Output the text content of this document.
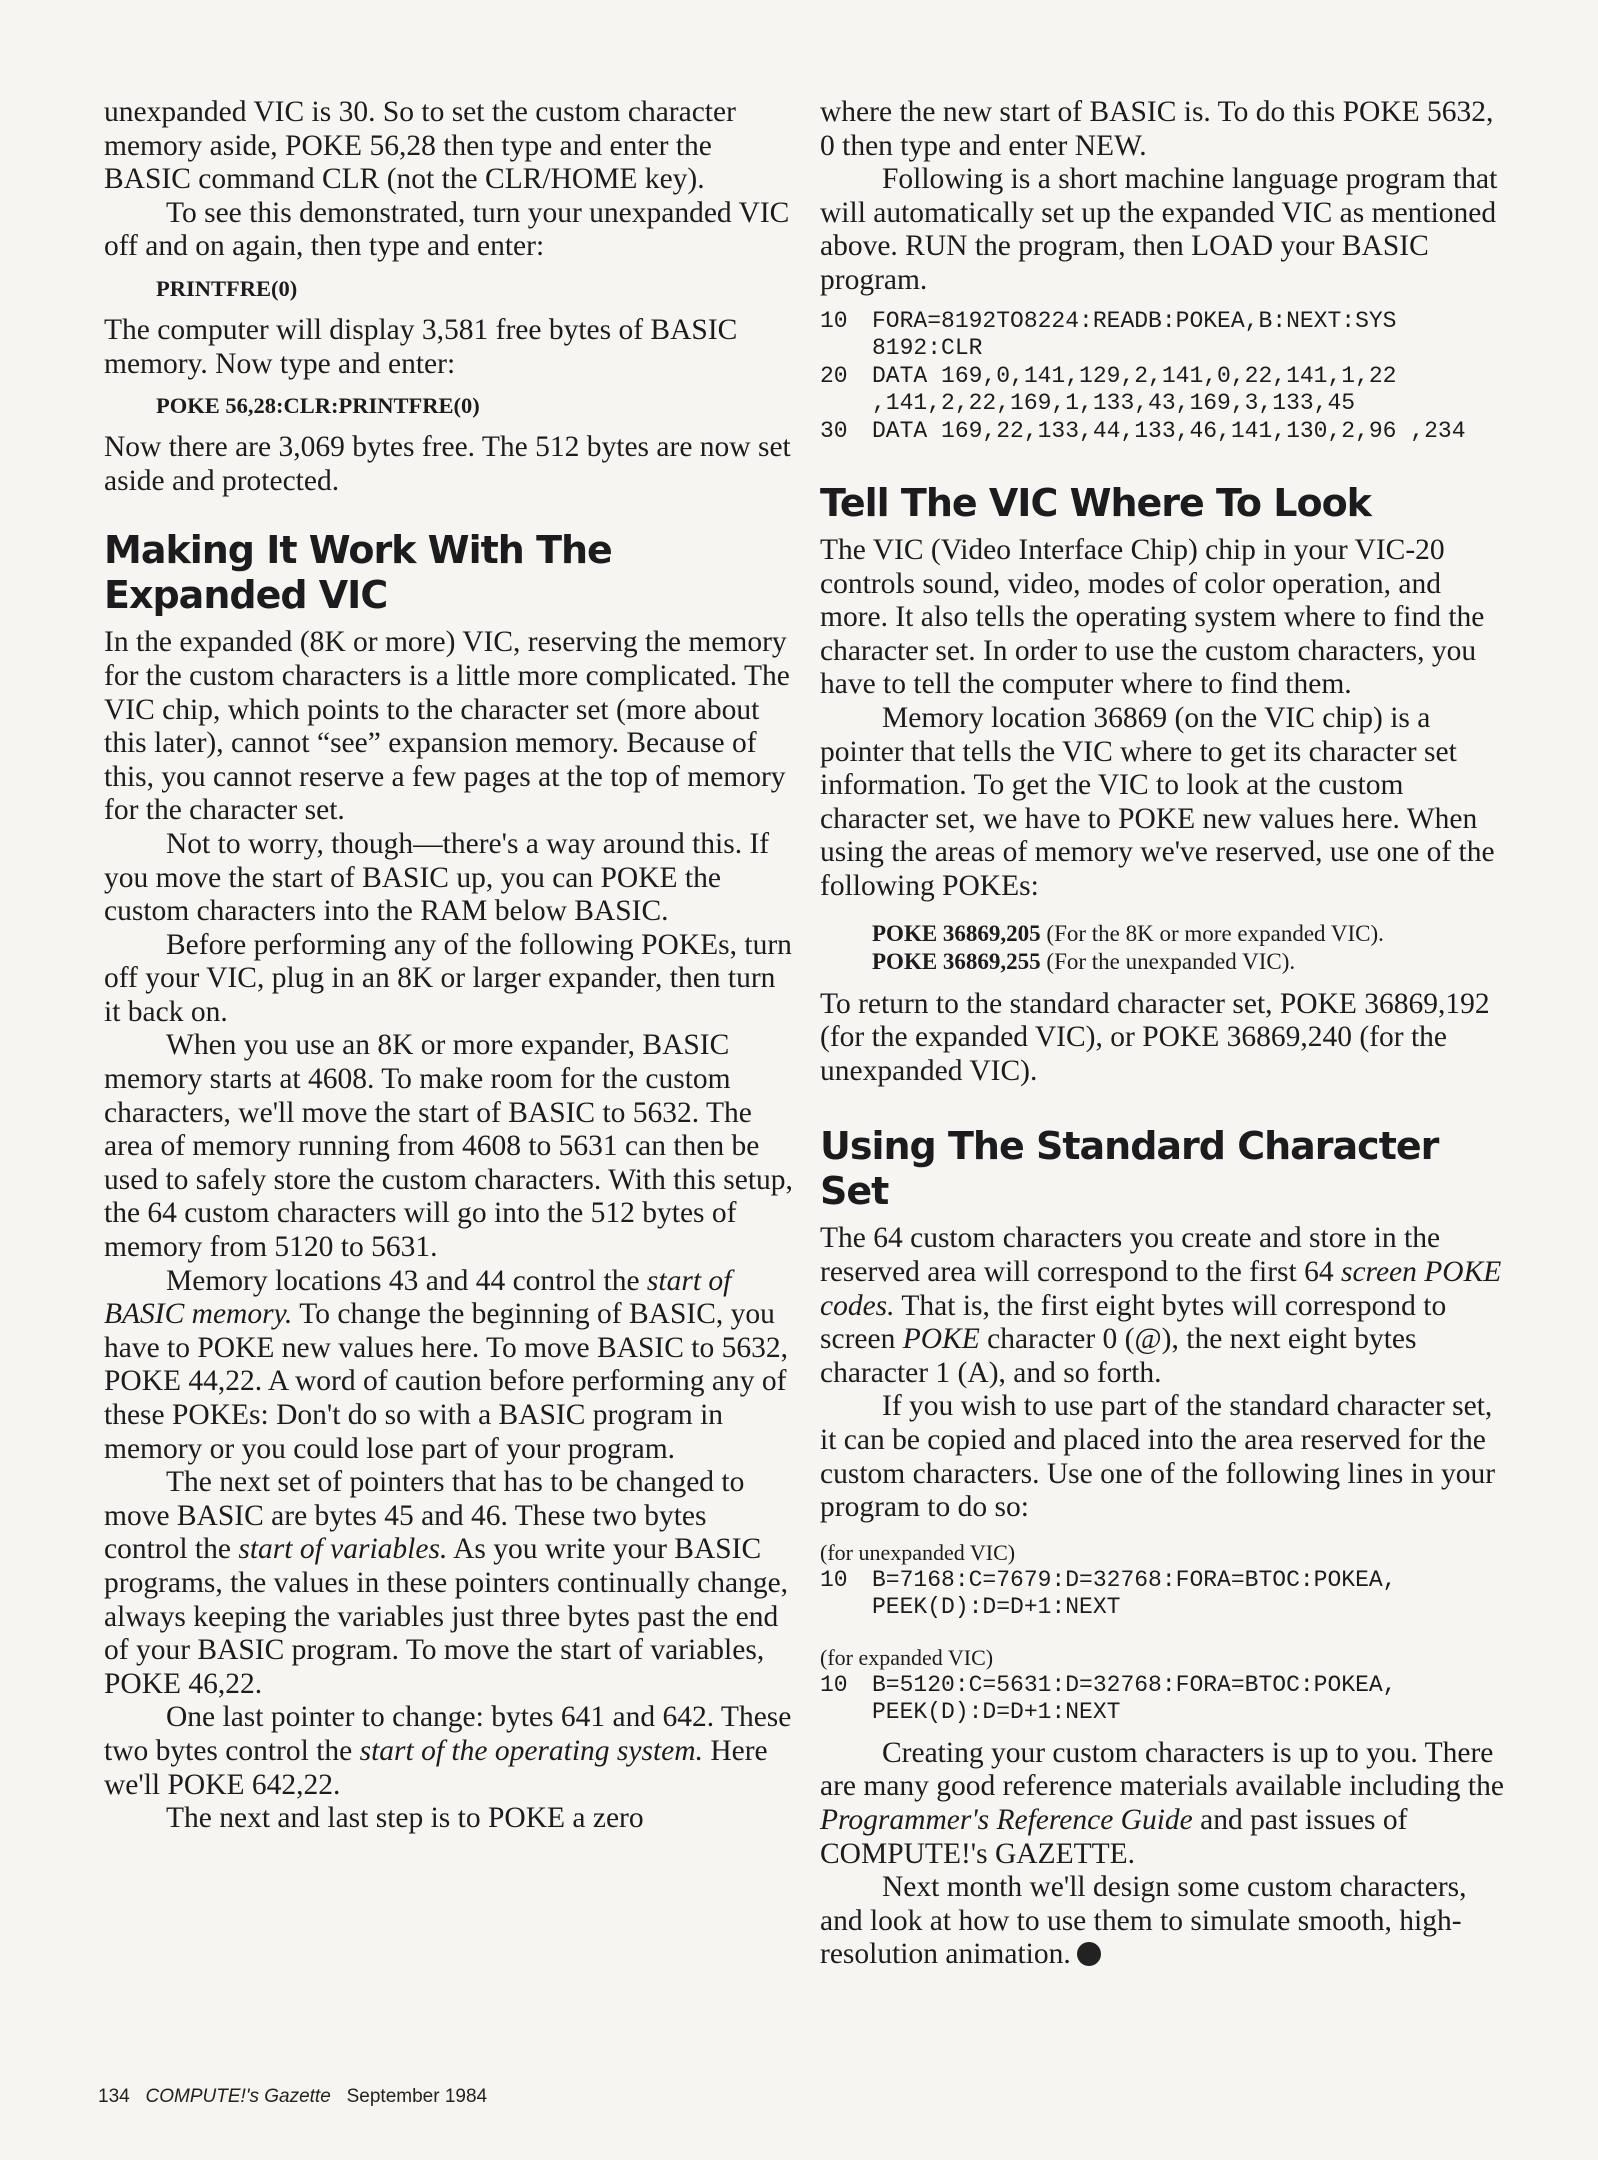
unexpanded VIC is 30. So to set the custom character memory aside, POKE 56,28 then type and enter the BASIC command CLR (not the CLR/HOME key).

To see this demonstrated, turn your unexpanded VIC off and on again, then type and enter:

PRINTFRE(0)

The computer will display 3,581 free bytes of BASIC memory. Now type and enter:

POKE 56,28:CLR:PRINTFRE(0)

Now there are 3,069 bytes free. The 512 bytes are now set aside and protected.

Making It Work With The Expanded VIC

In the expanded (8K or more) VIC, reserving the memory for the custom characters is a little more complicated. The VIC chip, which points to the character set (more about this later), cannot “see” expansion memory. Because of this, you cannot reserve a few pages at the top of memory for the character set.

Not to worry, though—there's a way around this. If you move the start of BASIC up, you can POKE the custom characters into the RAM below BASIC.

Before performing any of the following POKEs, turn off your VIC, plug in an 8K or larger expander, then turn it back on.

When you use an 8K or more expander, BASIC memory starts at 4608. To make room for the custom characters, we'll move the start of BASIC to 5632. The area of memory running from 4608 to 5631 can then be used to safely store the custom characters. With this setup, the 64 custom characters will go into the 512 bytes of memory from 5120 to 5631.

Memory locations 43 and 44 control the start of BASIC memory. To change the beginning of BASIC, you have to POKE new values here. To move BASIC to 5632, POKE 44,22. A word of caution before performing any of these POKEs: Don't do so with a BASIC program in memory or you could lose part of your program.

The next set of pointers that has to be changed to move BASIC are bytes 45 and 46. These two bytes control the start of variables. As you write your BASIC programs, the values in these pointers continually change, always keeping the variables just three bytes past the end of your BASIC program. To move the start of variables, POKE 46,22.

One last pointer to change: bytes 641 and 642. These two bytes control the start of the operating system. Here we'll POKE 642,22.

The next and last step is to POKE a zero

where the new start of BASIC is. To do this POKE 5632, 0 then type and enter NEW.

Following is a short machine language program that will automatically set up the expanded VIC as mentioned above. RUN the program, then LOAD your BASIC program.

10	FORA=8192TO8224:READB:POKEA,B:NEXT:SYS 8192:CLR
20	DATA 169,0,141,129,2,141,0,22,141,1,22 ,141,2,22,169,1,133,43,169,3,133,45
30	DATA 169,22,133,44,133,46,141,130,2,96 ,234
Tell The VIC Where To Look

The VIC (Video Interface Chip) chip in your VIC-20 controls sound, video, modes of color operation, and more. It also tells the operating system where to find the character set. In order to use the custom characters, you have to tell the computer where to find them.

Memory location 36869 (on the VIC chip) is a pointer that tells the VIC where to get its character set information. To get the VIC to look at the custom character set, we have to POKE new values here. When using the areas of memory we've reserved, use one of the following POKEs:

POKE 36869,205 (For the 8K or more expanded VIC).
POKE 36869,255 (For the unexpanded VIC).

To return to the standard character set, POKE 36869,192 (for the expanded VIC), or POKE 36869,240 (for the unexpanded VIC).

Using The Standard Character Set

The 64 custom characters you create and store in the reserved area will correspond to the first 64 screen POKE codes. That is, the first eight bytes will correspond to screen POKE character 0 (@), the next eight bytes character 1 (A), and so forth.

If you wish to use part of the standard character set, it can be copied and placed into the area reserved for the custom characters. Use one of the following lines in your program to do so:

(for unexpanded VIC)
10	B=7168:C=7679:D=32768:FORA=BTOC:POKEA, PEEK(D):D=D+1:NEXT
(for expanded VIC)
10	B=5120:C=5631:D=32768:FORA=BTOC:POKEA, PEEK(D):D=D+1:NEXT

Creating your custom characters is up to you. There are many good reference materials available including the Programmer's Reference Guide and past issues of COMPUTE!'s GAZETTE.

Next month we'll design some custom characters, and look at how to use them to simulate smooth, high-resolution animation.

134 COMPUTE!'s Gazette September 1984
